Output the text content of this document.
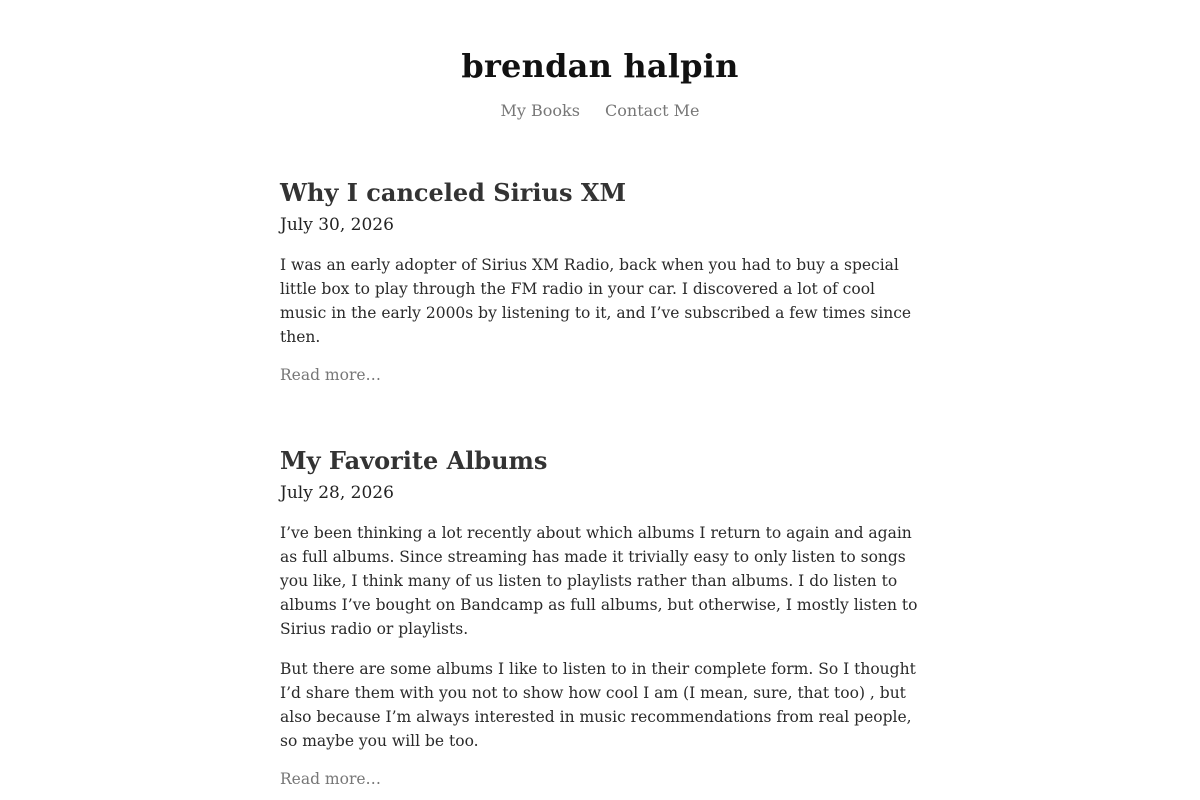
brendan halpin
My Books Contact Me
Why I canceled Sirius XM
July 30, 2026

I was an early adopter of Sirius XM Radio, back when you had to buy a special little box to play through the FM radio in your car. I discovered a lot of cool music in the early 2000s by listening to it, and I’ve subscribed a few times since then.

Read more…
My Favorite Albums
July 28, 2026

I’ve been thinking a lot recently about which albums I return to again and again as full albums. Since streaming has made it trivially easy to only listen to songs you like, I think many of us listen to playlists rather than albums. I do listen to albums I’ve bought on Bandcamp as full albums, but otherwise, I mostly listen to Sirius radio or playlists.

But there are some albums I like to listen to in their complete form. So I thought I’d share them with you not to show how cool I am (I mean, sure, that too) , but also because I’m always interested in music recommendations from real people, so maybe you will be too.

Read more…
